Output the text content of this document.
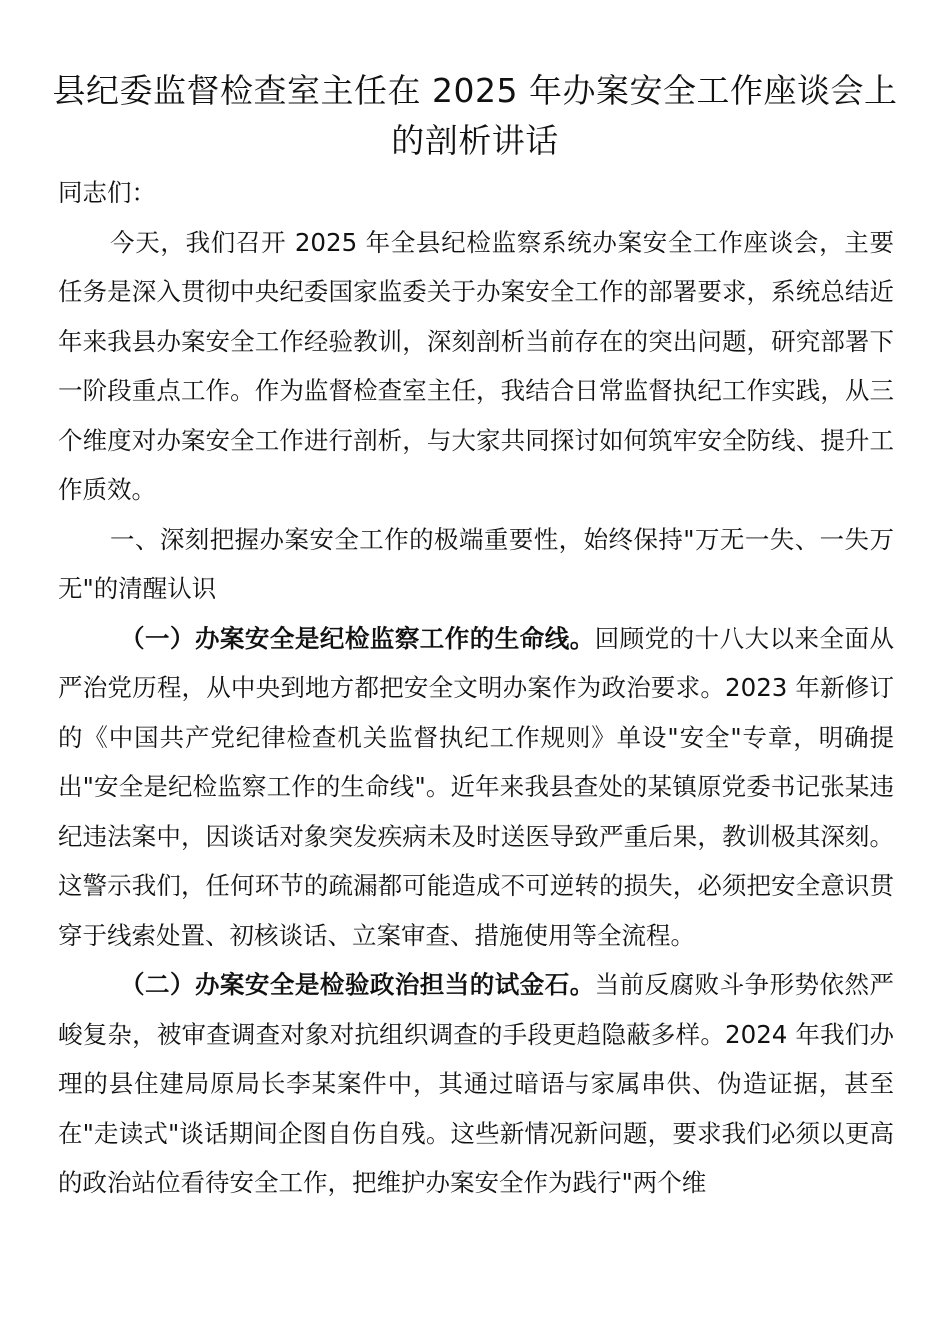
县纪委监督检查室主任在 2025 年办案安全工作座谈会上的剖析讲话

同志们：

今天，我们召开 2025 年全县纪检监察系统办案安全工作座谈会，主要任务是深入贯彻中央纪委国家监委关于办案安全工作的部署要求，系统总结近年来我县办案安全工作经验教训，深刻剖析当前存在的突出问题，研究部署下一阶段重点工作。作为监督检查室主任，我结合日常监督执纪工作实践，从三个维度对办案安全工作进行剖析，与大家共同探讨如何筑牢安全防线、提升工作质效。

一、深刻把握办案安全工作的极端重要性，始终保持"万无一失、一失万无"的清醒认识

（一）办案安全是纪检监察工作的生命线。回顾党的十八大以来全面从严治党历程，从中央到地方都把安全文明办案作为政治要求。2023 年新修订的《中国共产党纪律检查机关监督执纪工作规则》单设"安全"专章，明确提出"安全是纪检监察工作的生命线"。近年来我县查处的某镇原党委书记张某违纪违法案中，因谈话对象突发疾病未及时送医导致严重后果，教训极其深刻。这警示我们，任何环节的疏漏都可能造成不可逆转的损失，必须把安全意识贯穿于线索处置、初核谈话、立案审查、措施使用等全流程。

（二）办案安全是检验政治担当的试金石。当前反腐败斗争形势依然严峻复杂，被审查调查对象对抗组织调查的手段更趋隐蔽多样。2024 年我们办理的县住建局原局长李某案件中，其通过暗语与家属串供、伪造证据，甚至在"走读式"谈话期间企图自伤自残。这些新情况新问题，要求我们必须以更高的政治站位看待安全工作，把维护办案安全作为践行"两个维
